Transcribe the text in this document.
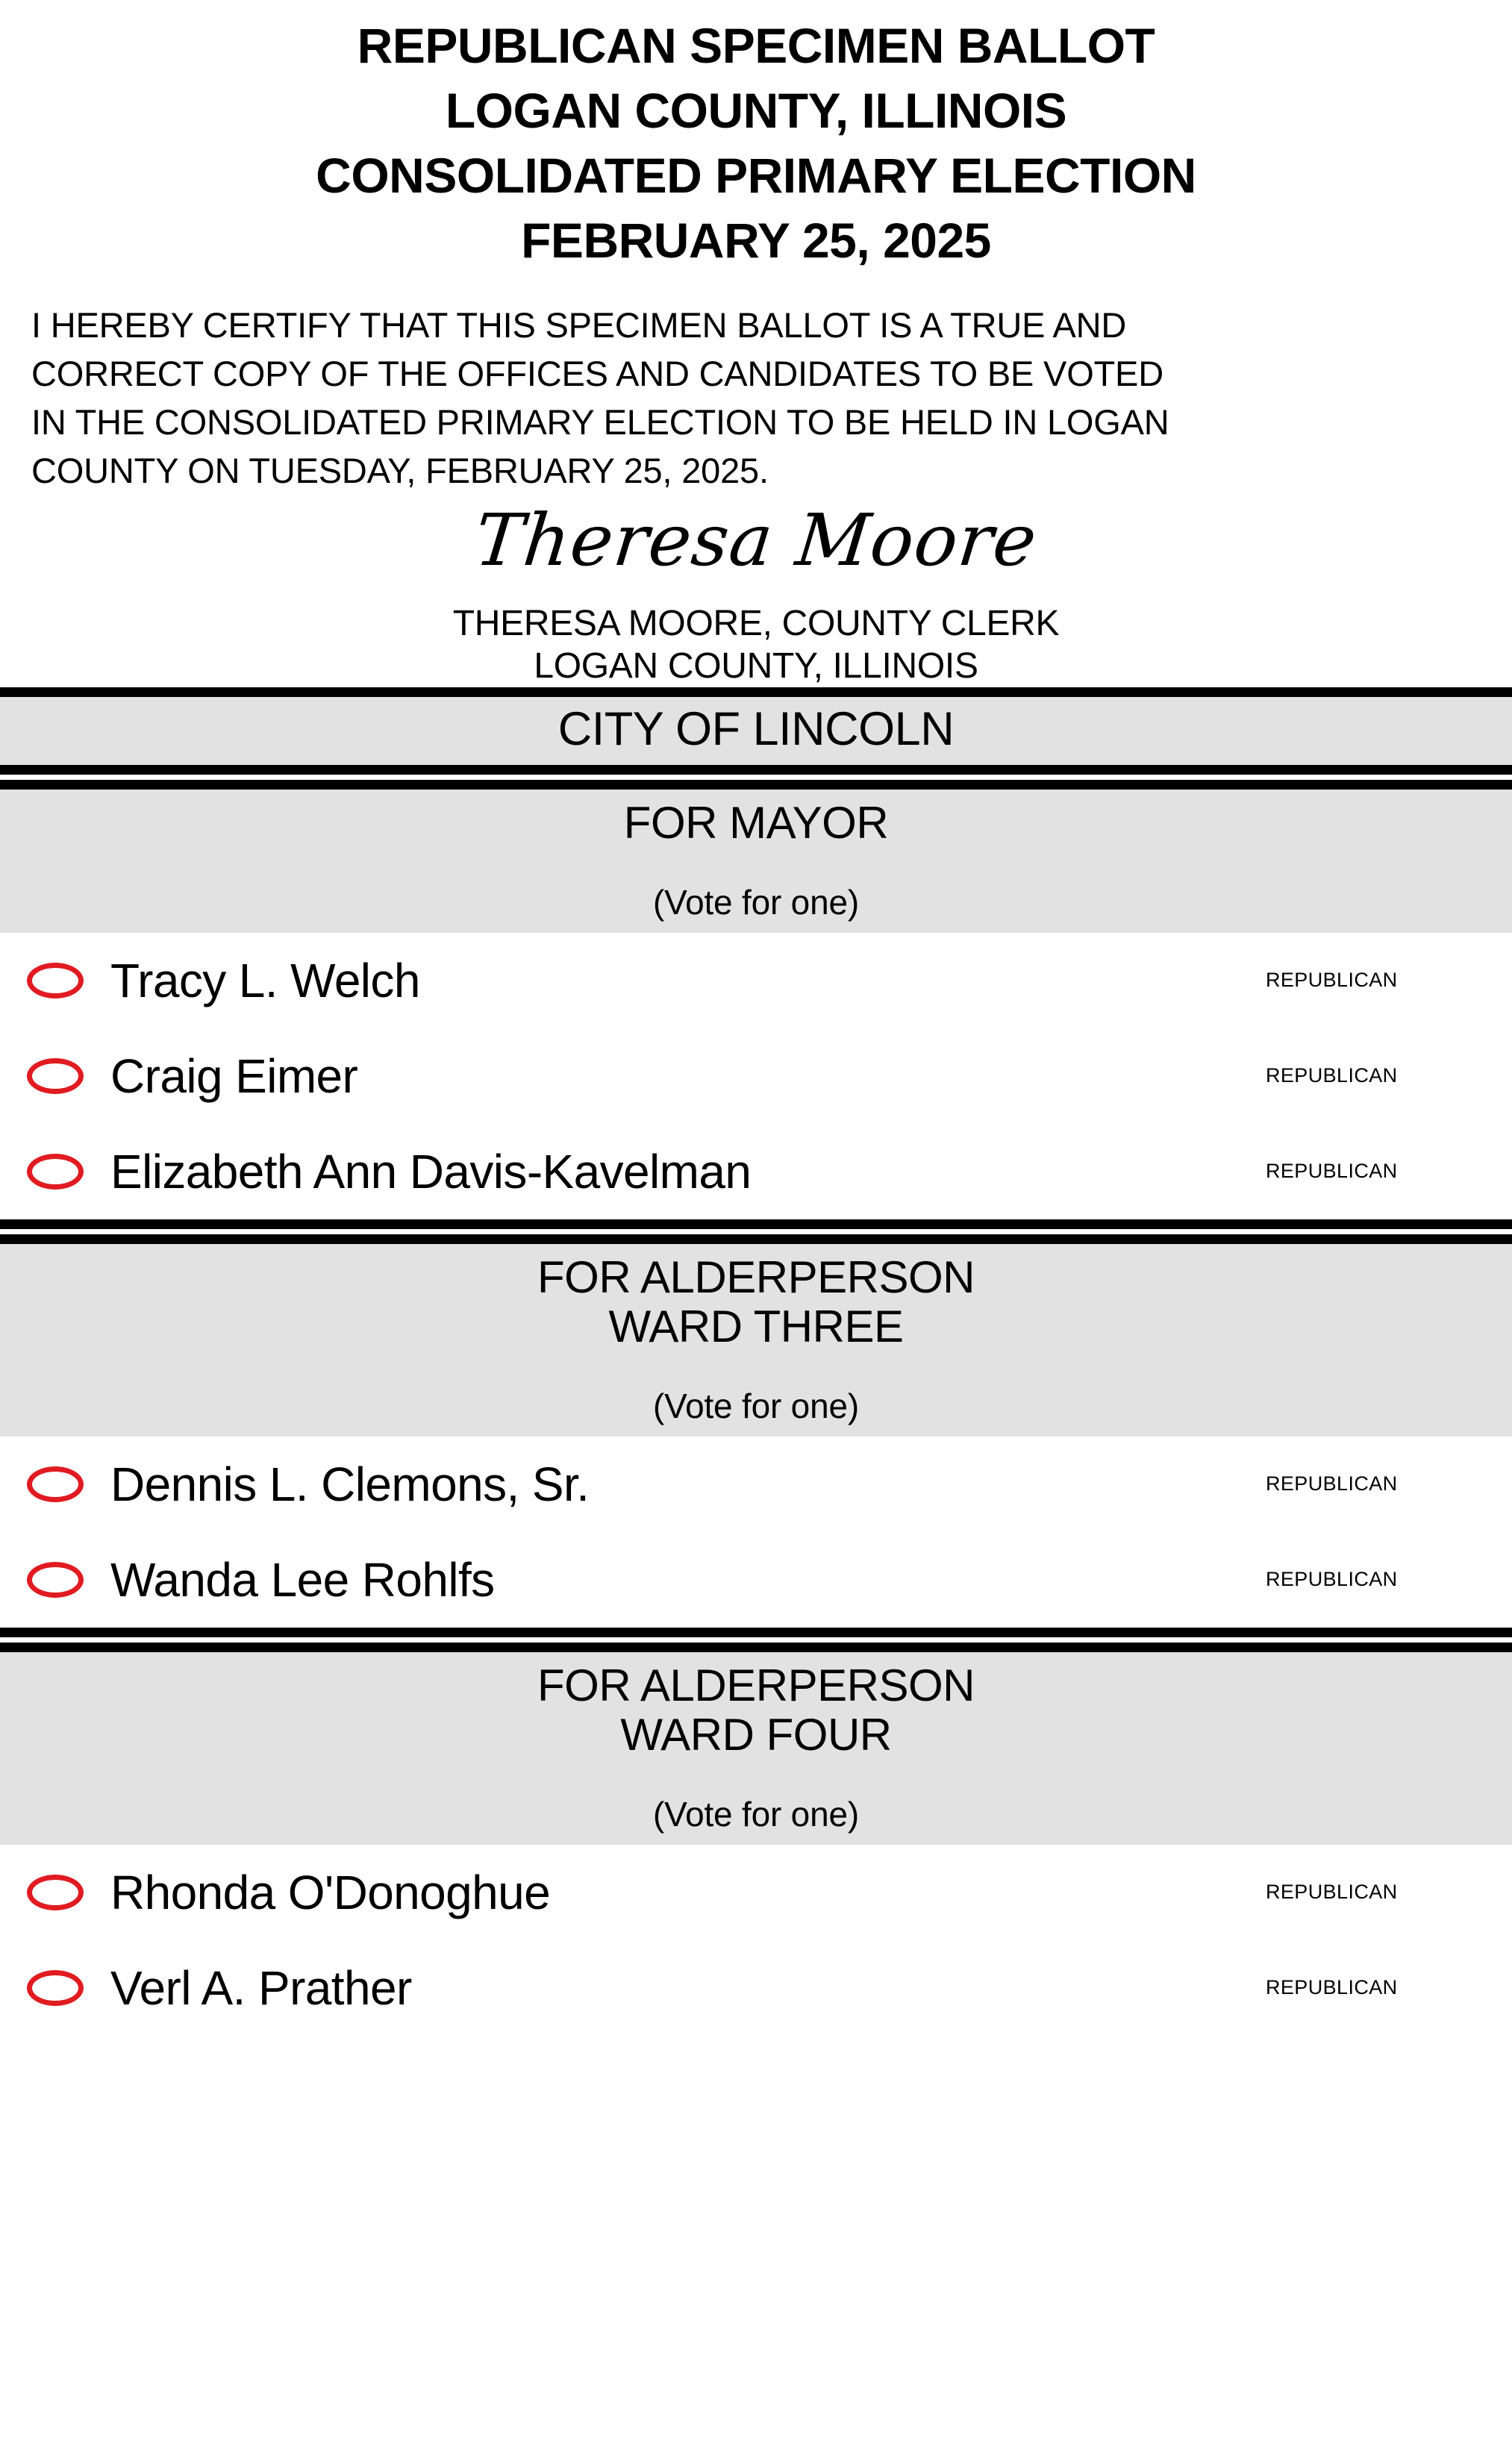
REPUBLICAN SPECIMEN BALLOT
LOGAN COUNTY, ILLINOIS
CONSOLIDATED PRIMARY ELECTION
FEBRUARY 25, 2025
I HEREBY CERTIFY THAT THIS SPECIMEN BALLOT IS A TRUE AND
CORRECT COPY OF THE OFFICES AND CANDIDATES TO BE VOTED
IN THE CONSOLIDATED PRIMARY ELECTION TO BE HELD IN LOGAN
COUNTY ON TUESDAY, FEBRUARY 25, 2025.
Theresa Moore
THERESA MOORE, COUNTY CLERK
LOGAN COUNTY, ILLINOIS
CITY OF LINCOLN
FOR MAYOR
(Vote for one)
Tracy L. Welch	REPUBLICAN
Craig Eimer	REPUBLICAN
Elizabeth Ann Davis-Kavelman	REPUBLICAN
FOR ALDERPERSON
WARD THREE
(Vote for one)
Dennis L. Clemons, Sr.	REPUBLICAN
Wanda Lee Rohlfs	REPUBLICAN
FOR ALDERPERSON
WARD FOUR
(Vote for one)
Rhonda O'Donoghue	REPUBLICAN
Verl A. Prather	REPUBLICAN
